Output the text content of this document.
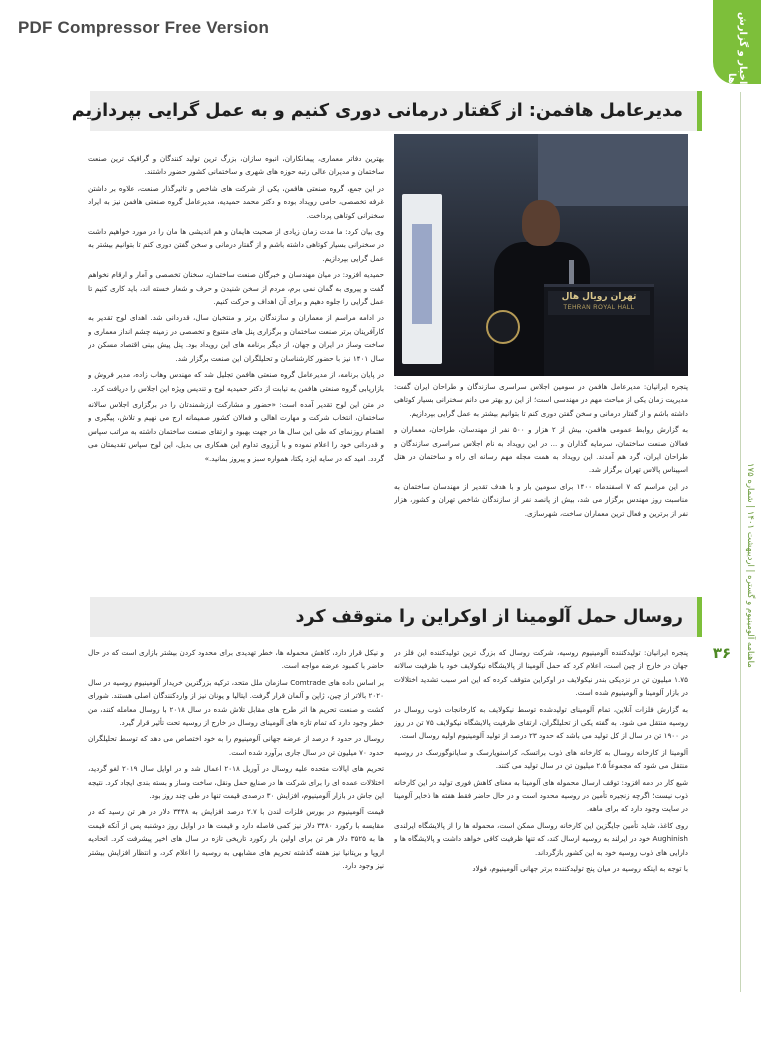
PDF Compressor Free Version	اخبار و گزارش ها
ماهنامه آلومینیوم و گستره | اردیبهشت ۱۴۰۱ | شماره ۱۷۵
۳۶
مدیرعامل هافمن: از گفتار درمانی دوری کنیم و به عمل گرایی بپردازیم
تهران رویال هال
TEHRAN ROYAL HALL

پنجره ایرانیان: مدیرعامل هافمن در سومین اجلاس سراسری سازندگان و طراحان ایران گفت: مدیریت زمان یکی از مباحث مهم در مهندسی است؛ از این رو بهتر می دانم سخنرانی بسیار کوتاهی داشته باشم و از گفتار درمانی و سخن گفتن دوری کنم تا بتوانیم بیشتر به عمل گرایی بپردازیم.

به گزارش روابط عمومی هافمن، بیش از ۲ هزار و ۵۰۰ نفر از مهندسان، طراحان، معماران و فعالان صنعت ساختمان، سرمایه گذاران و ... در این رویداد به نام اجلاس سراسری سازندگان و طراحان ایران، گرد هم آمدند. این رویداد به همت مجله مهم رسانه ای راه و ساختمان در هتل اسپیناس پالاس تهران برگزار شد.

در این مراسم که ۷ اسفندماه ۱۴۰۰ برای سومین بار و با هدف تقدیر از مهندسان ساختمان به مناسبت روز مهندس برگزار می شد، بیش از پانصد نفر از سازندگان شاخص تهران و کشور، هزار نفر از برترین و فعال ترین معماران ساخت، شهرسازی.

بهترین دفاتر معماری، پیمانکاران، انبوه سازان، بزرگ ترین تولید کنندگان و گرافیک ترین صنعت ساختمان و مدیران عالی رتبه حوزه های شهری و ساختمانی کشور حضور داشتند.

در این جمع، گروه صنعتی هافمن، یکی از شرکت های شاخص و تاثیرگذار صنعت، علاوه بر داشتن غرفه تخصصی، حامی رویداد بوده و دکتر محمد حمیدیه، مدیرعامل گروه صنعتی هافمن نیز به ایراد سخنرانی کوتاهی پرداخت.

وی بیان کرد: ما مدت زمان زیادی از صحبت هایمان و هم اندیشی ها مان را در مورد خواهیم داشت در سخنرانی بسیار کوتاهی داشته باشم و از گفتار درمانی و سخن گفتن دوری کنم تا بتوانیم بیشتر به عمل گرایی بپردازیم.

حمیدیه افزود: در میان مهندسان و خبرگان صنعت ساختمان، سخنان تخصصی و آمار و ارقام نخواهم گفت و پیروی به گمان نمی برم، مردم از سخن شنیدن و حرف و شعار خسته اند، باید کاری کنیم تا عمل گرایی را جلوه دهیم و برای آن اهداف و حرکت کنیم.

در ادامه مراسم از معماران و سازندگان برتر و منتخبان سال، قدردانی شد. اهدای لوح تقدیر به کارآفرینان برتر صنعت ساختمان و برگزاری پنل های متنوع و تخصصی در زمینه چشم انداز معماری و ساخت وساز در ایران و جهان، از دیگر برنامه های این رویداد بود. پنل پیش بینی اقتصاد مسکن در سال ۱۴۰۱ نیز با حضور کارشناسان و تحلیلگران این صنعت برگزار شد.

در پایان برنامه، از مدیرعامل گروه صنعتی هافمن تجلیل شد که مهندس وهاب زاده، مدیر فروش و بازاریابی گروه صنعتی هافمن به نیابت از دکتر حمیدیه لوح و تندیس ویژه این اجلاس را دریافت کرد.

در متن این لوح تقدیر آمده است: «حضور و مشارکت ارزشمندتان را در برگزاری اجلاس سالانه ساختمان، انتخاب شرکت و مهارت اهالی و فعالان کشور صمیمانه ارج می نهیم و تلاش، پیگیری و اهتمام روزنمای که طی این سال ها در جهت بهبود و ارتقای صنعت ساختمان داشته به مراتب سپاس و قدردانی خود را اعلام نموده و با آرزوی تداوم این همکاری بی بدیل، این لوح سپاس تقدیمتان می گردد. امید که در سایه ایزد یکتا، همواره سبز و پیروز بمانید.»

روسال حمل آلومینا از اوکراین را متوقف کرد

پنجره ایرانیان: تولیدکننده آلومینیوم روسیه، شرکت روسال که بزرگ ترین تولیدکننده این فلز در جهان در خارج از چین است، اعلام کرد که حمل آلومینا از پالایشگاه نیکولایف خود با ظرفیت سالانه ۱.۷۵ میلیون تن در نزدیکی بندر نیکولایف در اوکراین متوقف کرده که این امر سبب تشدید اختلالات در بازار آلومینا و آلومینیوم شده است.

به گزارش فلزات آنلاین، تمام آلومینای تولیدشده توسط نیکولایف به کارخانجات ذوب روسال در روسیه منتقل می شود. به گفته یکی از تحلیلگران، ارتقای ظرفیت پالایشگاه نیکولایف ۷۵ تن در روز در ۱۹۰۰ تن در سال از کل تولید می باشد که حدود ۲۳ درصد از تولید آلومینیوم اولیه روسال است.

آلومینا از کارخانه روسال به کارخانه های ذوب براتسک، کراسنویارسک و سایانوگورسک در روسیه منتقل می شود که مجموعاً ۲.۵ میلیون تن در سال تولید می کنند.

شیع کار در دمه افزود: توقف ارسال محموله های آلومینا به معنای کاهش فوری تولید در این کارخانه ذوب نیست؛ اگرچه زنجیره تأمین در روسیه محدود است و در حال حاضر فقط هفته ها ذخایر آلومینا در سایت وجود دارد که برای ماهه.

روی کاغذ، شاید تأمین جایگزین این کارخانه روسال ممکن است، محموله ها را از پالایشگاه ایرلندی Aughinish خود در ایرلند به روسیه ارسال کند، که تنها ظرفیت کافی خواهد داشت و پالایشگاه ها و دارایی های ذوب روسیه خود به این کشور بازگرداند.

با توجه به اینکه روسیه در میان پنج تولیدکننده برتر جهانی آلومینیوم، فولاد

و نیکل قرار دارد، کاهش محموله ها، خطر تهدیدی برای محدود کردن بیشتر بازاری است که در حال حاضر با کمبود عرضه مواجه است.

بر اساس داده های Comtrade سازمان ملل متحد، ترکیه بزرگترین خریدار آلومینیوم روسیه در سال ۲۰۲۰ بالاتر از چین، ژاپن و آلمان قرار گرفت. ایتالیا و یونان نیز از واردکنندگان اصلی هستند. شورای کشت و صنعت تحریم ها اثر طرح های مقابل تلاش شده در سال ۲۰۱۸ با روسال معامله کنند، من خطر وجود دارد که تمام تازه های آلومینای روسال در خارج از روسیه تحت تأثیر قرار گیرد.

روسال در حدود ۶ درصد از عرضه جهانی آلومینیوم را به خود اختصاص می دهد که توسط تحلیلگران حدود ۷۰ میلیون تن در سال جاری برآورد شده است.

تحریم های ایالات متحده علیه روسال در آوریل ۲۰۱۸ اعمال شد و در اوایل سال ۲۰۱۹ لغو گردید، اختلالات عمده ای را برای شرکت ها در صنایع حمل ونقل، ساخت وساز و بسته بندی ایجاد کرد. نتیجه این جاش در بازار آلومینیوم، افزایش ۳۰ درصدی قیمت تنها در طی چند روز بود.

قیمت آلومینیوم در بورس فلزات لندن با ۲.۷ درصد افزایش به ۳۴۴۸ دلار در هر تن رسید که در مقایسه با رکورد ۳۴۸۰ دلار نیز کمی فاصله دارد و قیمت ها در اوایل روز دوشنبه پس از آنکه قیمت ها به ۳۵۲۵ دلار هر تن برای اولین بار رکورد تاریخی تازه در سال های اخیر پیشرفت کرد. اتحادیه اروپا و بریتانیا نیز هفته گذشته تحریم های مشابهی به روسیه را اعلام کرد، و انتظار افزایش بیشتر نیز وجود دارد.
